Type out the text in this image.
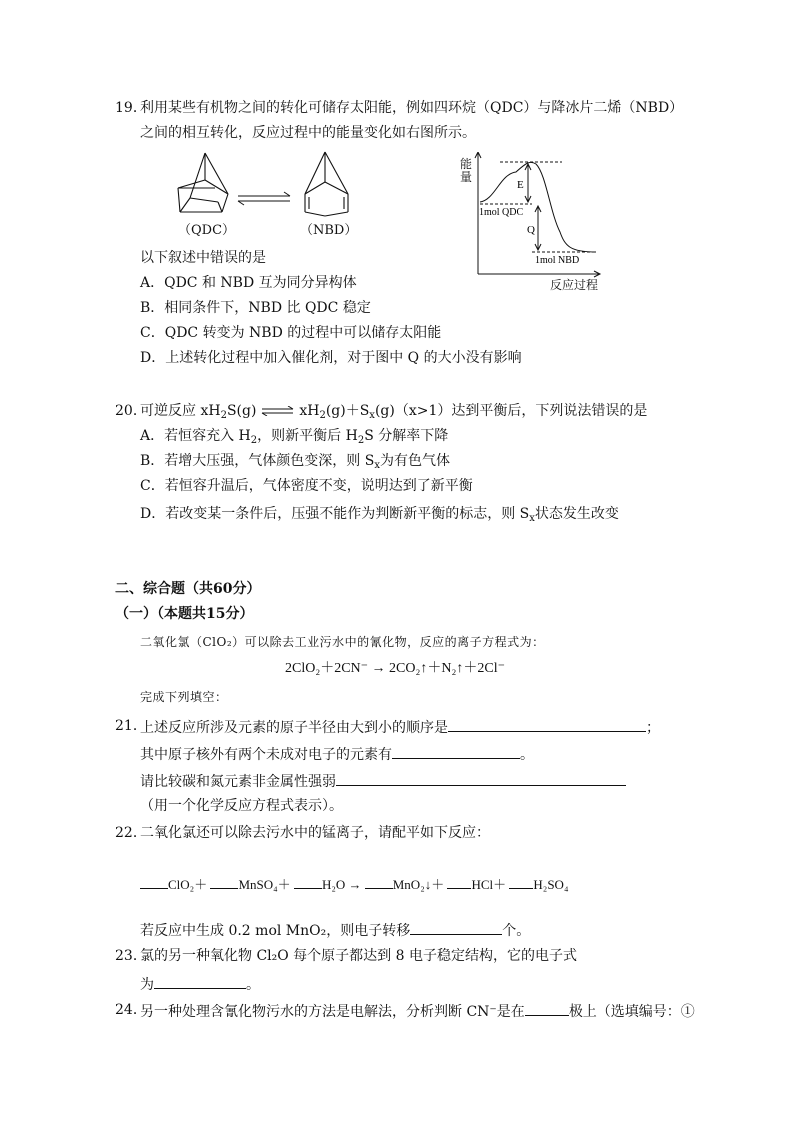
19．
利用某些有机物之间的转化可储存太阳能，例如四环烷（QDC）与降冰片二烯（NBD）
之间的相互转化，反应过程中的能量变化如右图所示。
（QDC）	（NBD）
E
Q
1mol QDC
1mol NBD
能量
反应过程
以下叙述中错误的是
A．QDC 和 NBD 互为同分异构体
B．相同条件下，NBD 比 QDC 稳定
C．QDC 转变为 NBD 的过程中可以储存太阳能
D．上述转化过程中加入催化剂，对于图中 Q 的大小没有影响
20．
可逆反应 $xH_2S(g)$ ⇌ $xH_2(g)+S_x(g)(x>1)$达到平衡后，下列说法错误的是
A．若恒容充入 $H_2$，则新平衡后 $H_2S$ 分解率下降
B．若增大压强，气体颜色变深，则 $S_x$为有色气体
C．若恒容升温后，气体密度不变，说明达到了新平衡
D．若改变某一条件后，压强不能作为判断新平衡的标志，则 $S_x$状态发生改变
二、综合题（共60分）
（一）（本题共15分）
二氧化氯（ClO₂）可以除去工业污水中的氰化物，反应的离子方程式为：
2ClO₂＋2CN⁻ → 2CO₂↑＋N₂↑＋2Cl⁻
完成下列填空：
21．
上述反应所涉及元素的原子半径由大到小的顺序是	；
其中原子核外有两个未成对电子的元素有	。
请比较碳和氮元素非金属性强弱
（用一个化学反应方程式表示）。
22．
二氧化氯还可以除去污水中的锰离子，请配平如下反应：
ClO₂＋ MnSO₄＋ H₂O → MnO₂↓＋ HCl＋ H₂SO₄
若反应中生成 0.2 mol MnO₂，则电子转移	个。
23．
氯的另一种氧化物 Cl₂O 每个原子都达到 8 电子稳定结构，它的电子式
为	。
24．
另一种处理含氰化物污水的方法是电解法，分析判断 CN⁻是在	极上（选填编号：①
